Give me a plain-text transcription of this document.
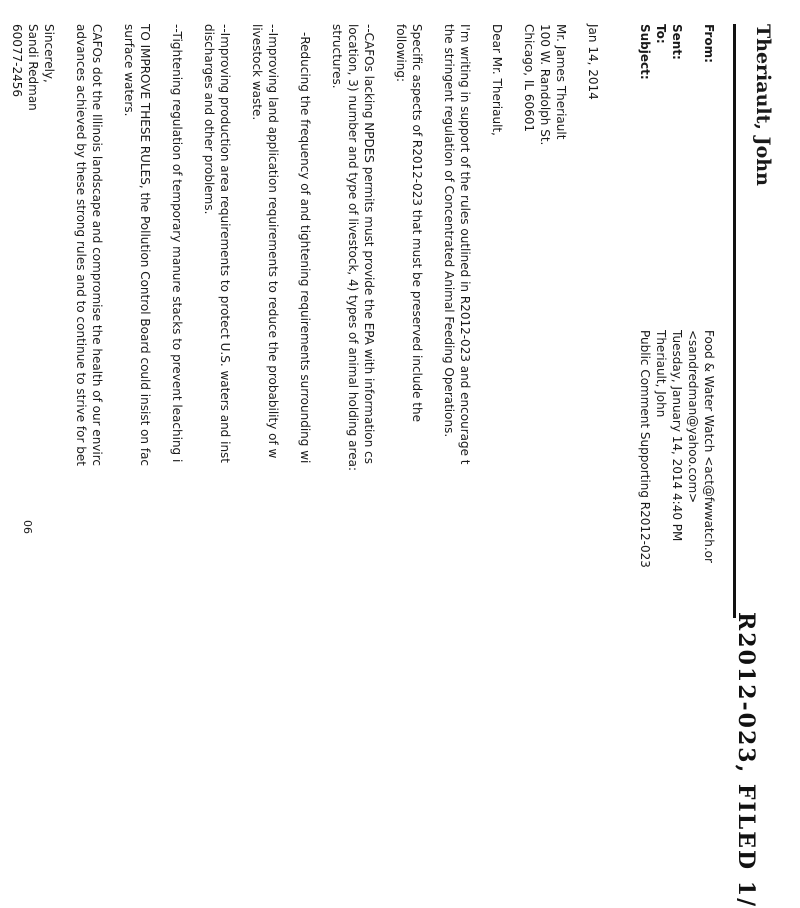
R2012-023, FILED 1/
Theriault, John
From:
Food & Water Watch <act@fwwatch.or
<sandredman@yahoo.com>
Sent:
Tuesday, January 14, 2014 4:40 PM
To:
Theriault, John
Subject:
Public Comment Supporting R2012-023
Jan 14, 2014
Mr. James Theriault
100 W. Randolph St.
Chicago, IL 60601
Dear Mr. Theriault,
I'm writing in support of the rules outlined in R2012-023 and encourage t
the stringent regulation of Concentrated Animal Feeding Operations.
Specific aspects of R2012-023 that must be preserved include the
following:
--CAFOs lacking NPDES permits must provide the EPA with information cs
location, 3) number and type of livestock, 4) types of animal holding area:
structures.
-Reducing the frequency of and tightening requirements surrounding wi
--Improving land application requirements to reduce the probability of w
livestock waste.
--Improving production area requirements to protect U.S. waters and inst
discharges and other problems.
--Tightening regulation of temporary manure stacks to prevent leaching i
TO IMPROVE THESE RULES, the Pollution Control Board could insist on fac
surface waters.
CAFOs dot the Illinois landscape and compromise the health of our envirc
advances achieved by these strong rules and to continue to strive for bet
Sincerely,
Sandi Redman
60077-2456
06
